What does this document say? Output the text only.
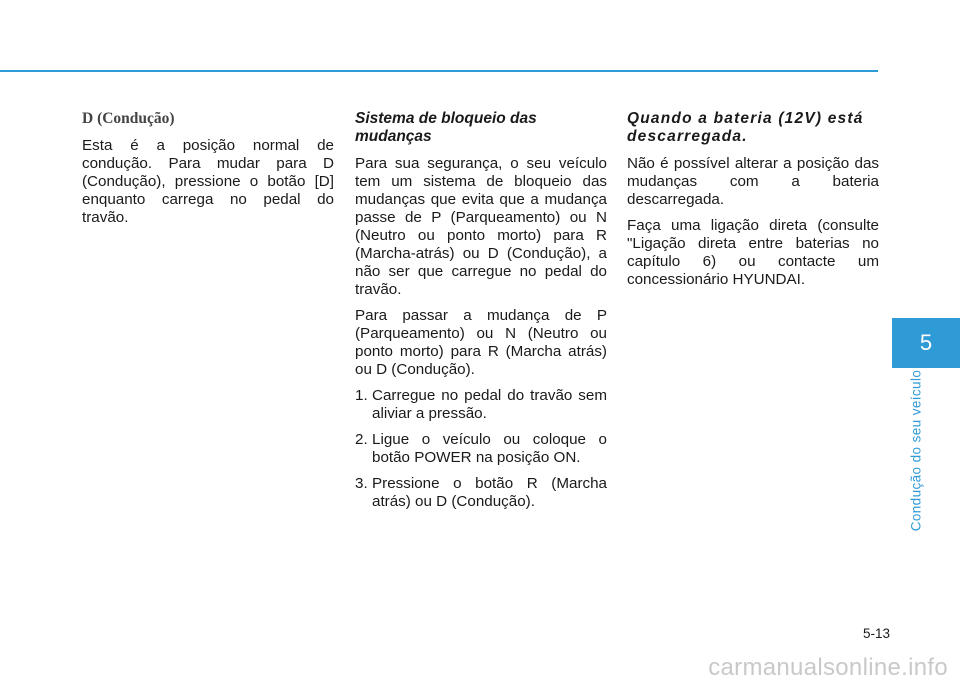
D (Condução)

Esta é a posição normal de condução. Para mudar para D (Condução), pressione o botão [D] enquanto carrega no pedal do travão.

Sistema de bloqueio das mudanças

Para sua segurança, o seu veículo tem um sistema de bloqueio das mudanças que evita que a mudança passe de P (Parqueamento) ou N (Neutro ou ponto morto) para R (Marcha-atrás) ou D (Condução), a não ser que carregue no pedal do travão.

Para passar a mudança de P (Parqueamento) ou N (Neutro ou ponto morto) para R (Marcha atrás) ou D (Condução).

1. Carregue no pedal do travão sem aliviar a pressão.
2. Ligue o veículo ou coloque o botão POWER na posição ON.
3. Pressione o botão R (Marcha atrás) ou D (Condução).
Quando a bateria (12V) está descarregada.

Não é possível alterar a posição das mudanças com a bateria descarregada.

Faça uma ligação direta (consulte "Ligação direta entre baterias no capítulo 6) ou contacte um concessionário HYUNDAI.

5
Condução do seu veículo
5-13
carmanualsonline.info
